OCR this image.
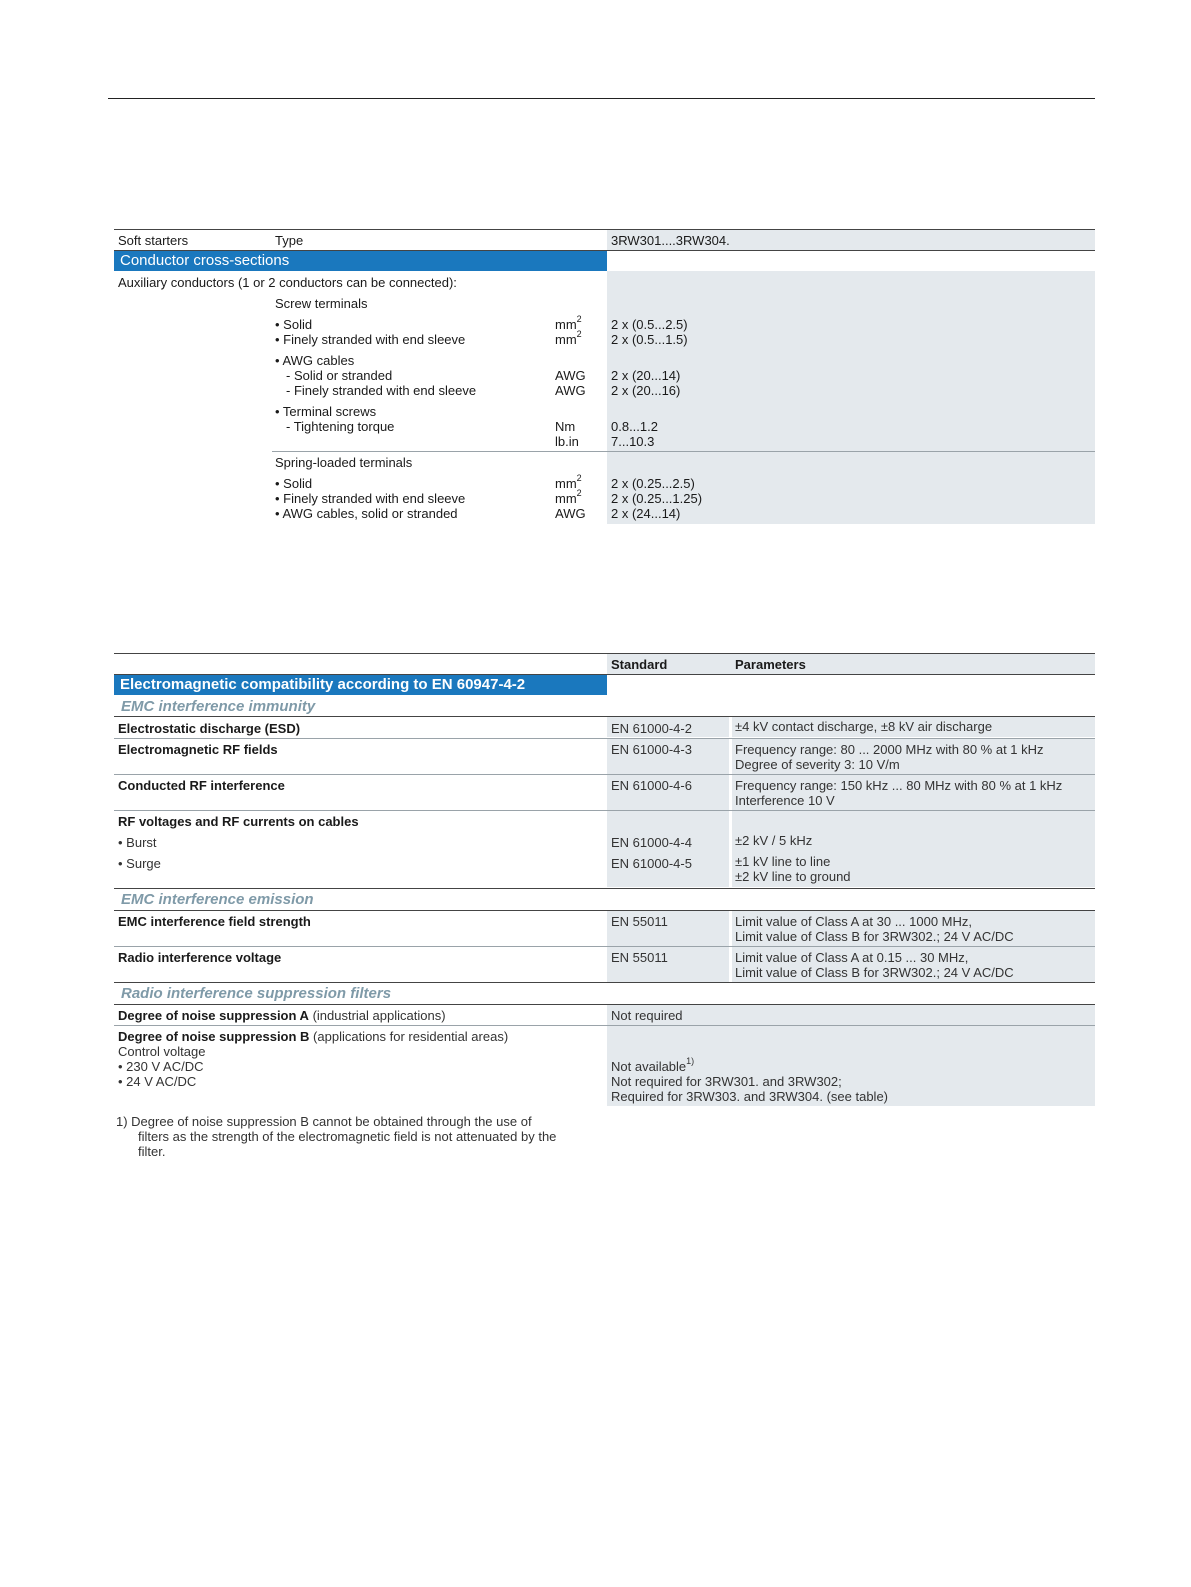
Soft starters	Type	3RW301....3RW304.
Conductor cross-sections
Auxiliary conductors (1 or 2 conductors can be connected):
Screw terminals
• Solid	$mm^2$ 2 x (0.5...2.5)
• Finely stranded with end sleeve	$mm^2$ 2 x (0.5...1.5)
• AWG cables
- Solid or stranded	AWG 2 x (20...14)
- Finely stranded with end sleeve	AWG 2 x (20...16)
• Terminal screws
- Tightening torque	Nm	0.8...1.2
lb.in 7...10.3
Spring-loaded terminals
• Solid	$mm^2$ 2 x (0.25...2.5)
• Finely stranded with end sleeve	$mm^2$ 2 x (0.25...1.25)
• AWG cables, solid or stranded	AWG 2 x (24...14)
Standard	Parameters
Electromagnetic compatibility according to EN 60947-4-2
EMC interference immunity
Electrostatic discharge (ESD)	EN 61000-4-2	±4 kV contact discharge, ±8 kV air discharge
Electromagnetic RF fields	EN 61000-4-3	Frequency range: 80 ... 2000 MHz with 80 % at 1 kHz
Degree of severity 3: 10 V/m
Conducted RF interference	EN 61000-4-6	Frequency range: 150 kHz ... 80 MHz with 80 % at 1 kHz
Interference 10 V
RF voltages and RF currents on cables
• Burst	EN 61000-4-4	±2 kV / 5 kHz
• Surge	EN 61000-4-5	±1 kV line to line
±2 kV line to ground
EMC interference emission
EMC interference field strength	EN 55011	Limit value of Class A at 30 ... 1000 MHz,
Limit value of Class B for 3RW302.; 24 V AC/DC
Radio interference voltage	EN 55011	Limit value of Class A at 0.15 ... 30 MHz,
Limit value of Class B for 3RW302.; 24 V AC/DC
Radio interference suppression filters
Degree of noise suppression A (industrial applications)	Not required
Degree of noise suppression B (applications for residential areas)
Control voltage
• 230 V AC/DC
• 24 V AC/DC
Not available$^{1)}$
Not required for 3RW301. and 3RW302;
Required for 3RW303. and 3RW304. (see table)
1) Degree of noise suppression B cannot be obtained through the use of
filters as the strength of the electromagnetic field is not attenuated by the
filter.
